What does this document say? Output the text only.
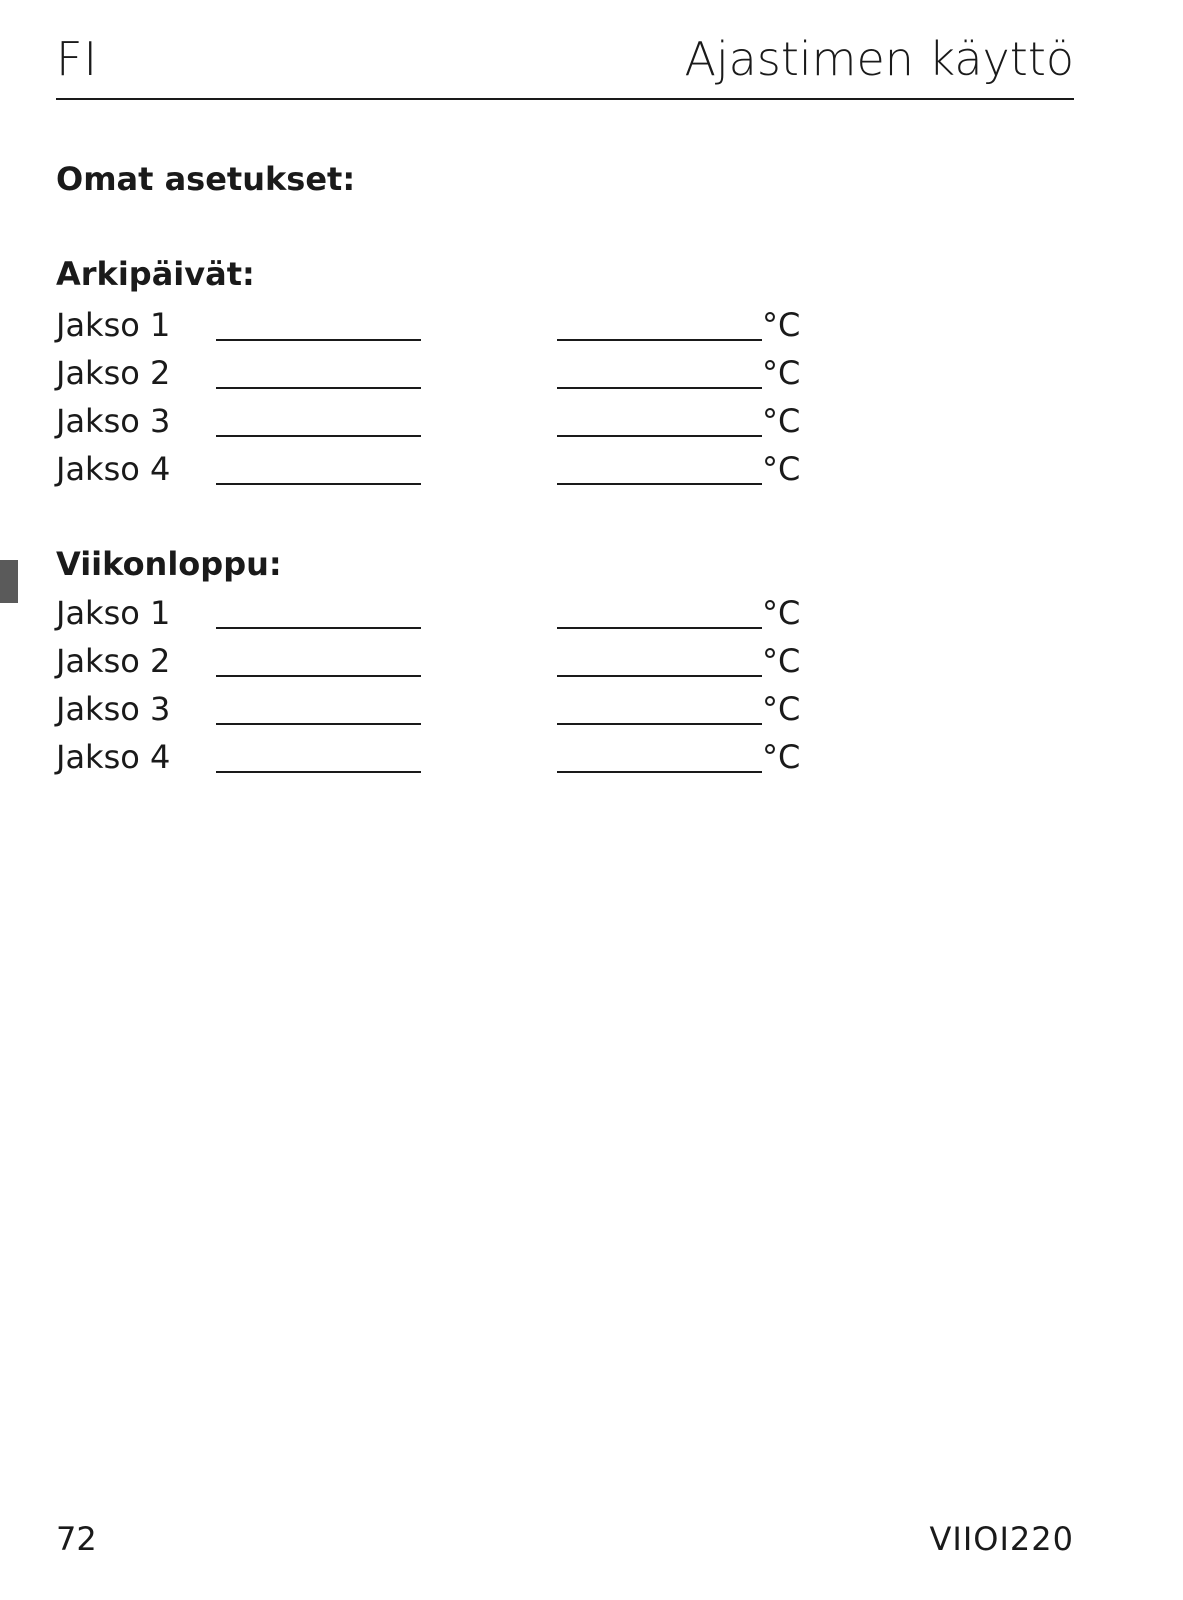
FI	Ajastimen käyttö
Omat asetukset:
Arkipäivät:
Jakso 1	°C
Jakso 2	°C
Jakso 3	°C
Jakso 4	°C
Viikonloppu:
Jakso 1	°C
Jakso 2	°C
Jakso 3	°C
Jakso 4	°C
72	VIIOI220
